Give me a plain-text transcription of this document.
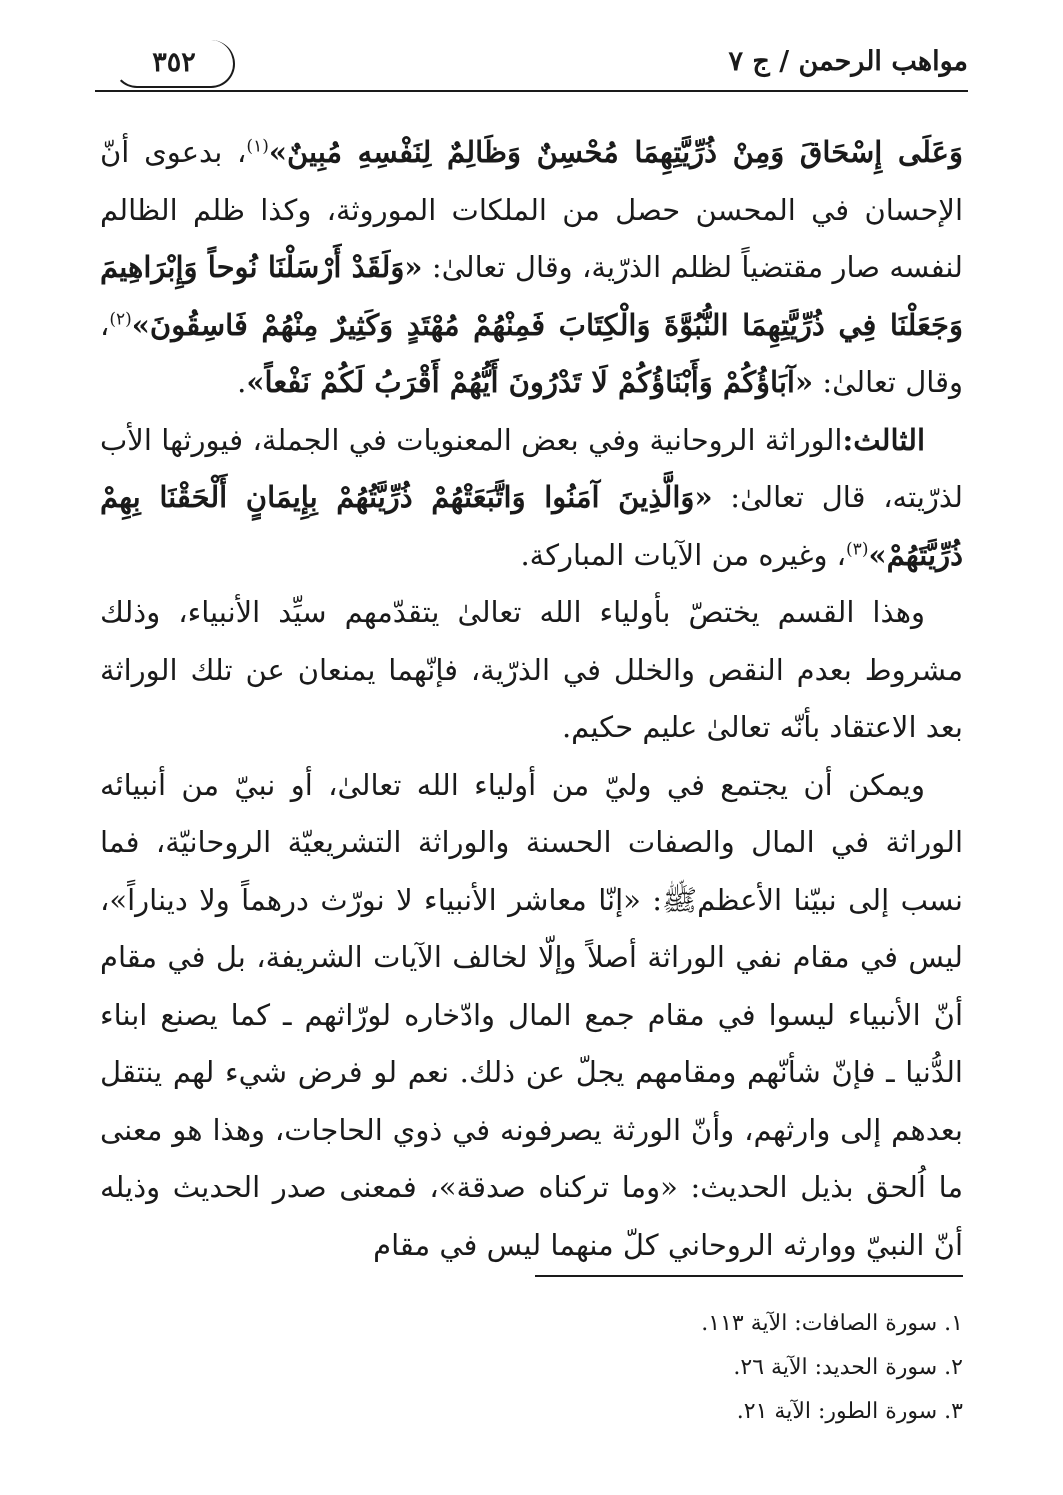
مواهب الرحمن / ج ٧
٣٥٢

وَعَلَى إِسْحَاقَ وَمِنْ ذُرِّيَّتِهِمَا مُحْسِنٌ وَظَالِمٌ لِنَفْسِهِ مُبِينٌ»$^{(١)}$، بدعوى أنّ الإحسان في المحسن حصل من الملكات الموروثة، وكذا ظلم الظالم لنفسه صار مقتضياً لظلم الذرّية، وقال تعالىٰ: «وَلَقَدْ أَرْسَلْنَا نُوحاً وَإِبْرَاهِيمَ وَجَعَلْنَا فِي ذُرِّيَّتِهِمَا النُّبُوَّةَ وَالْكِتَابَ فَمِنْهُمْ مُهْتَدٍ وَكَثِيرٌ مِنْهُمْ فَاسِقُونَ»$^{(٢)}$، وقال تعالىٰ: «آبَاؤُكُمْ وَأَبْنَاؤُكُمْ لَا تَدْرُونَ أَيُّهُمْ أَقْرَبُ لَكُمْ نَفْعاً».

الثالث:الوراثة الروحانية وفي بعض المعنويات في الجملة، فيورثها الأب لذرّيته، قال تعالىٰ: «وَالَّذِينَ آمَنُوا وَاتَّبَعَتْهُمْ ذُرِّيَّتُهُمْ بِإِيمَانٍ أَلْحَقْنَا بِهِمْ ذُرِّيَّتَهُمْ»$^{(٣)}$، وغيره من الآيات المباركة.

وهذا القسم يختصّ بأولياء الله تعالىٰ يتقدّمهم سيِّد الأنبياء، وذلك مشروط بعدم النقص والخلل في الذرّية، فإنّهما يمنعان عن تلك الوراثة بعد الاعتقاد بأنّه تعالىٰ عليم حكيم.

ويمكن أن يجتمع في وليّ من أولياء الله تعالىٰ، أو نبيّ من أنبيائه الوراثة في المال والصفات الحسنة والوراثة التشريعيّة الروحانيّة، فما نسب إلى نبيّنا الأعظمﷺ: «إنّا معاشر الأنبياء لا نورّث درهماً ولا ديناراً»، ليس في مقام نفي الوراثة أصلاً وإلّا لخالف الآيات الشريفة، بل في مقام أنّ الأنبياء ليسوا في مقام جمع المال وادّخاره لورّاثهم ـ كما يصنع ابناء الدُّنيا ـ فإنّ شأنّهم ومقامهم يجلّ عن ذلك. نعم لو فرض شيء لهم ينتقل بعدهم إلى وارثهم، وأنّ الورثة يصرفونه في ذوي الحاجات، وهذا هو معنى ما اُلحق بذيل الحديث: «وما تركناه صدقة»، فمعنى صدر الحديث وذيله أنّ النبيّ ووارثه الروحاني كلّ منهما ليس في مقام

١. سورة الصافات: الآية ١١٣.
٢. سورة الحديد: الآية ٢٦.
٣. سورة الطور: الآية ٢١.
